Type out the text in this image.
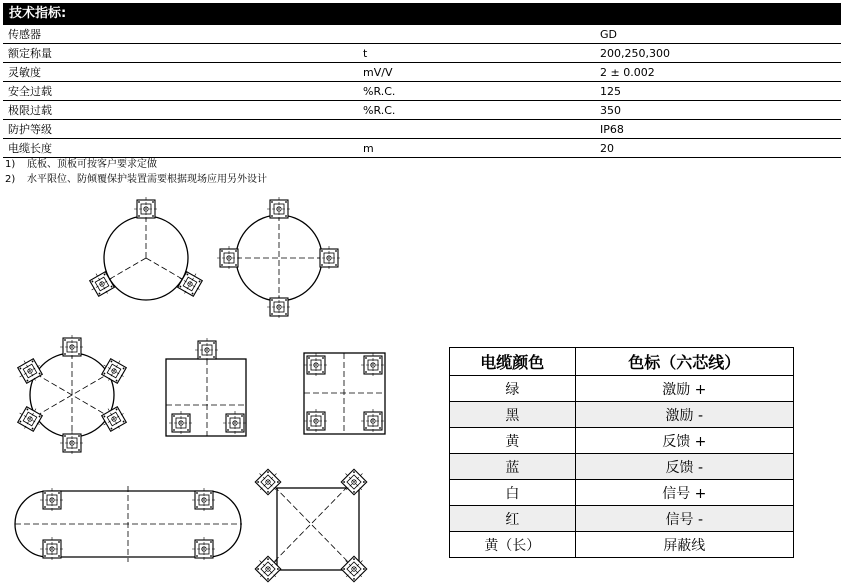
技术指标:
传感器		GD
额定称量	t	200,250,300
灵敏度	mV/V	2 ± 0.002
安全过载	%R.C.	125
极限过载	%R.C.	350
防护等级		IP68
电缆长度	m	20
1) 底板、顶板可按客户要求定做
2) 水平限位、防倾覆保护装置需要根据现场应用另外设计
电缆颜色	色标（六芯线）
绿	激励 +
黑	激励 -
黄	反馈 +
蓝	反馈 -
白	信号 +
红	信号 -
黄（长）	屏蔽线
